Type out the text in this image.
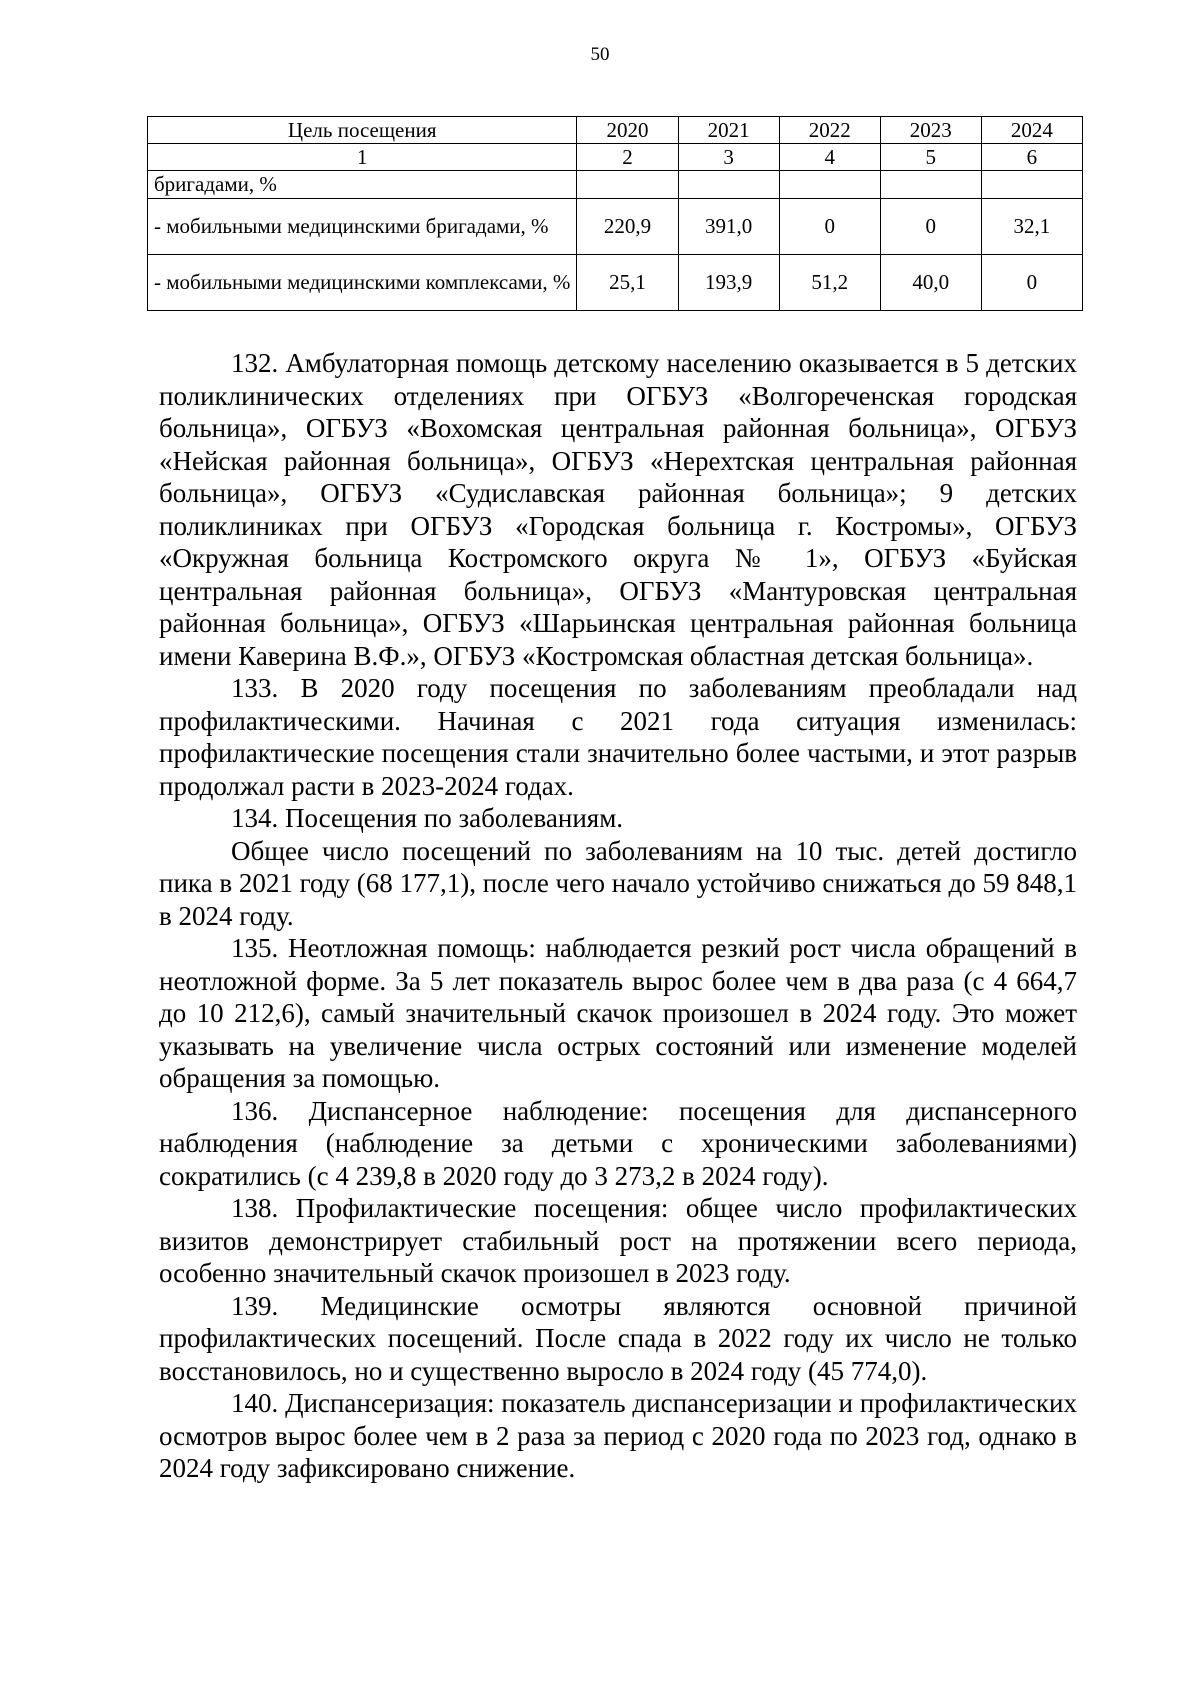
50
Цель посещения	2020	2021	2022	2023	2024
1	2	3	4	5	6
бригадами, %					
- мобильными медицинскими бригадами, %	220,9	391,0	0	0	32,1
- мобильными медицинскими комплексами, %	25,1	193,9	51,2	40,0	0

132. Амбулаторная помощь детскому населению оказывается в 5 детских поликлинических отделениях при ОГБУЗ «Волгореченская городская больница», ОГБУЗ «Вохомская центральная районная больница», ОГБУЗ «Нейская районная больница», ОГБУЗ «Нерехтская центральная районная больница», ОГБУЗ «Судиславская районная больница»; 9 детских поликлиниках при ОГБУЗ «Городская больница г. Костромы», ОГБУЗ «Окружная больница Костромского округа № 1», ОГБУЗ «Буйская центральная районная больница», ОГБУЗ «Мантуровская центральная районная больница», ОГБУЗ «Шарьинская центральная районная больница имени Каверина В.Ф.», ОГБУЗ «Костромская областная детская больница».

133. В 2020 году посещения по заболеваниям преобладали над профилактическими. Начиная с 2021 года ситуация изменилась: профилактические посещения стали значительно более частыми, и этот разрыв продолжал расти в 2023-2024 годах.

134. Посещения по заболеваниям.

Общее число посещений по заболеваниям на 10 тыс. детей достигло пика в 2021 году (68 177,1), после чего начало устойчиво снижаться до 59 848,1 в 2024 году.

135. Неотложная помощь: наблюдается резкий рост числа обращений в неотложной форме. За 5 лет показатель вырос более чем в два раза (с 4 664,7 до 10 212,6), самый значительный скачок произошел в 2024 году. Это может указывать на увеличение числа острых состояний или изменение моделей обращения за помощью.

136. Диспансерное наблюдение: посещения для диспансерного наблюдения (наблюдение за детьми с хроническими заболеваниями) сократились (с 4 239,8 в 2020 году до 3 273,2 в 2024 году).

138. Профилактические посещения: общее число профилактических визитов демонстрирует стабильный рост на протяжении всего периода, особенно значительный скачок произошел в 2023 году.

139. Медицинские осмотры являются основной причиной профилактических посещений. После спада в 2022 году их число не только восстановилось, но и существенно выросло в 2024 году (45 774,0).

140. Диспансеризация: показатель диспансеризации и профилактических осмотров вырос более чем в 2 раза за период с 2020 года по 2023 год, однако в 2024 году зафиксировано снижение.
